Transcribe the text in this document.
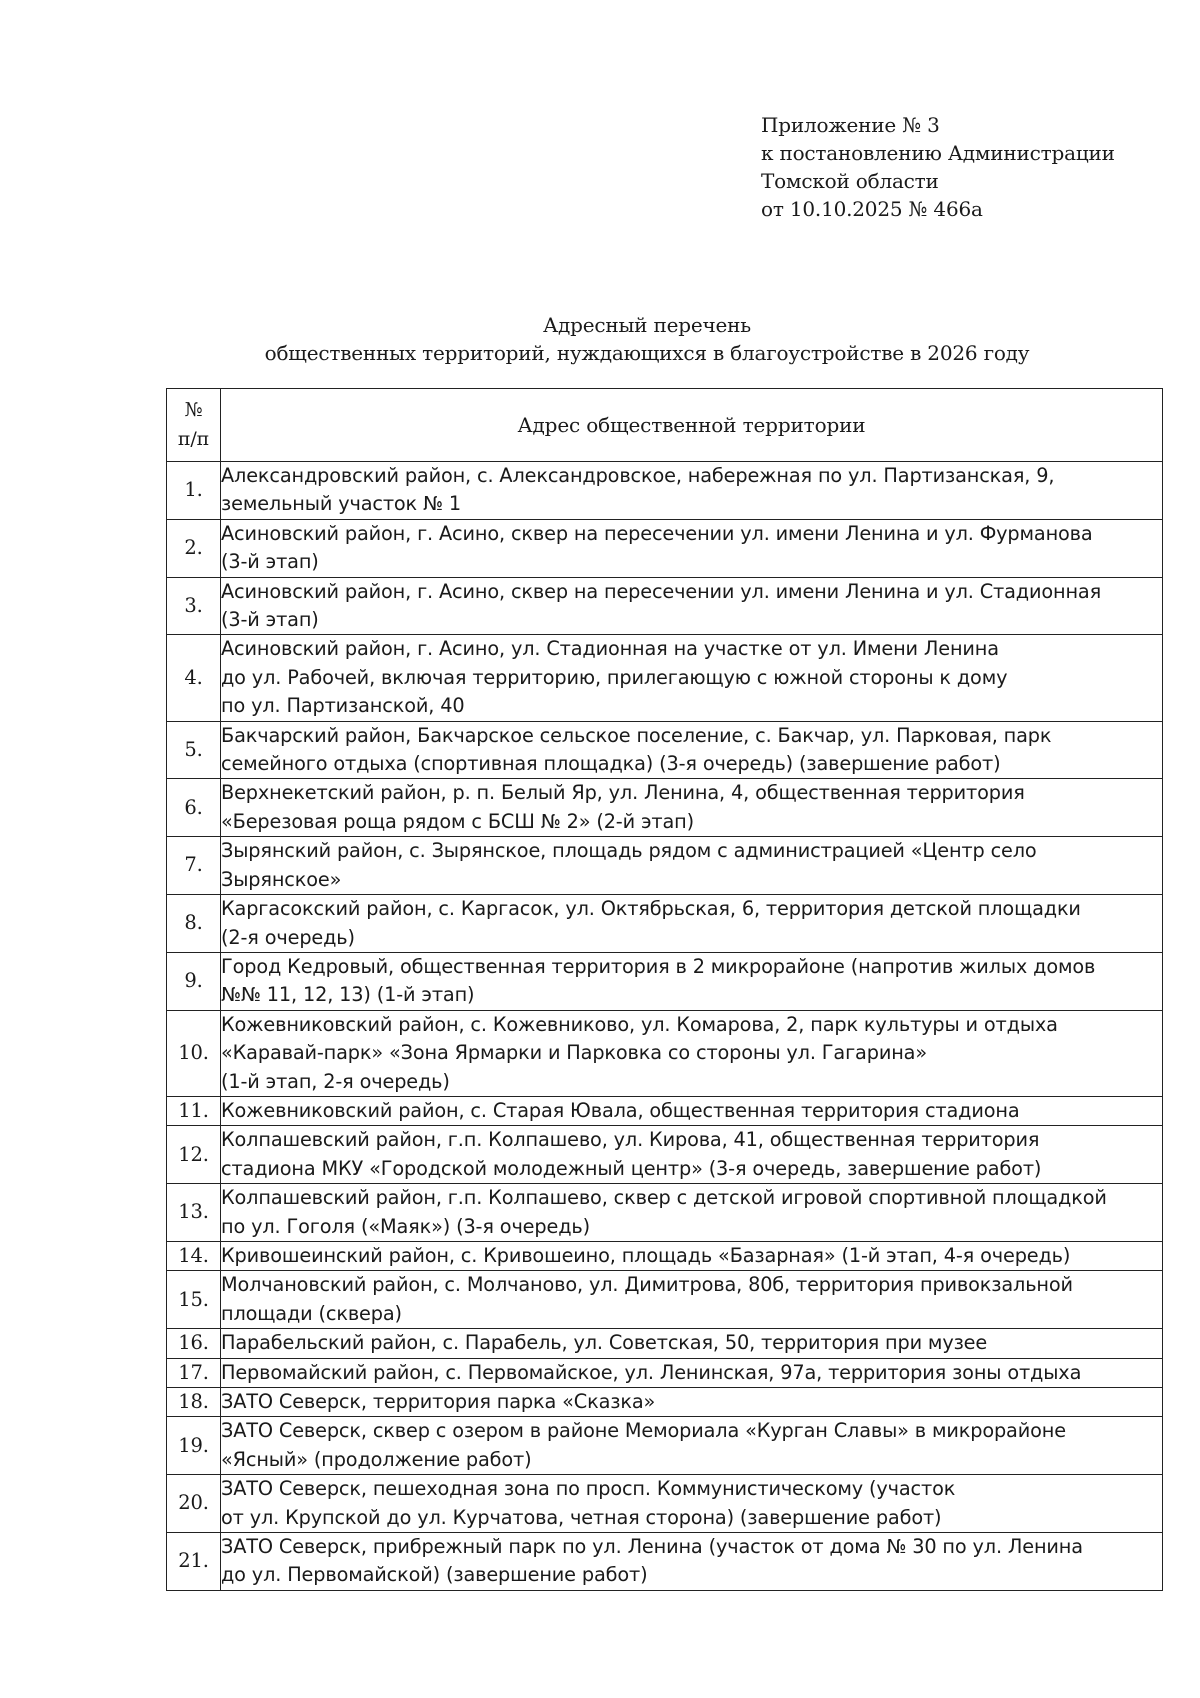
Приложение № 3
к постановлению Администрации
Томской области
от 10.10.2025 № 466а
Адресный перечень
общественных территорий, нуждающихся в благоустройстве в 2026 году
№
п/п	Адрес общественной территории
1.	Александровский район, с. Александровское, набережная по ул. Партизанская, 9,
земельный участок № 1
2.	Асиновский район, г. Асино, сквер на пересечении ул. имени Ленина и ул. Фурманова
(3-й этап)
3.	Асиновский район, г. Асино, сквер на пересечении ул. имени Ленина и ул. Стадионная
(3-й этап)
4.	Асиновский район, г. Асино, ул. Стадионная на участке от ул. Имени Ленина
до ул. Рабочей, включая территорию, прилегающую с южной стороны к дому
по ул. Партизанской, 40
5.	Бакчарский район, Бакчарское сельское поселение, с. Бакчар, ул. Парковая, парк
семейного отдыха (спортивная площадка) (3-я очередь) (завершение работ)
6.	Верхнекетский район, р. п. Белый Яр, ул. Ленина, 4, общественная территория
«Березовая роща рядом с БСШ № 2» (2-й этап)
7.	Зырянский район, с. Зырянское, площадь рядом с администрацией «Центр село
Зырянское»
8.	Каргасокский район, с. Каргасок, ул. Октябрьская, 6, территория детской площадки
(2-я очередь)
9.	Город Кедровый, общественная территория в 2 микрорайоне (напротив жилых домов
№№ 11, 12, 13) (1-й этап)
10.	Кожевниковский район, с. Кожевниково, ул. Комарова, 2, парк культуры и отдыха
«Каравай-парк» «Зона Ярмарки и Парковка со стороны ул. Гагарина»
(1-й этап, 2-я очередь)
11.	Кожевниковский район, с. Старая Ювала, общественная территория стадиона
12.	Колпашевский район, г.п. Колпашево, ул. Кирова, 41, общественная территория
стадиона МКУ «Городской молодежный центр» (3-я очередь, завершение работ)
13.	Колпашевский район, г.п. Колпашево, сквер с детской игровой спортивной площадкой
по ул. Гоголя («Маяк») (3-я очередь)
14.	Кривошеинский район, с. Кривошеино, площадь «Базарная» (1-й этап, 4-я очередь)
15.	Молчановский район, с. Молчаново, ул. Димитрова, 80б, территория привокзальной
площади (сквера)
16.	Парабельский район, с. Парабель, ул. Советская, 50, территория при музее
17.	Первомайский район, с. Первомайское, ул. Ленинская, 97а, территория зоны отдыха
18.	ЗАТО Северск, территория парка «Сказка»
19.	ЗАТО Северск, сквер с озером в районе Мемориала «Курган Славы» в микрорайоне
«Ясный» (продолжение работ)
20.	ЗАТО Северск, пешеходная зона по просп. Коммунистическому (участок
от ул. Крупской до ул. Курчатова, четная сторона) (завершение работ)
21.	ЗАТО Северск, прибрежный парк по ул. Ленина (участок от дома № 30 по ул. Ленина
до ул. Первомайской) (завершение работ)
